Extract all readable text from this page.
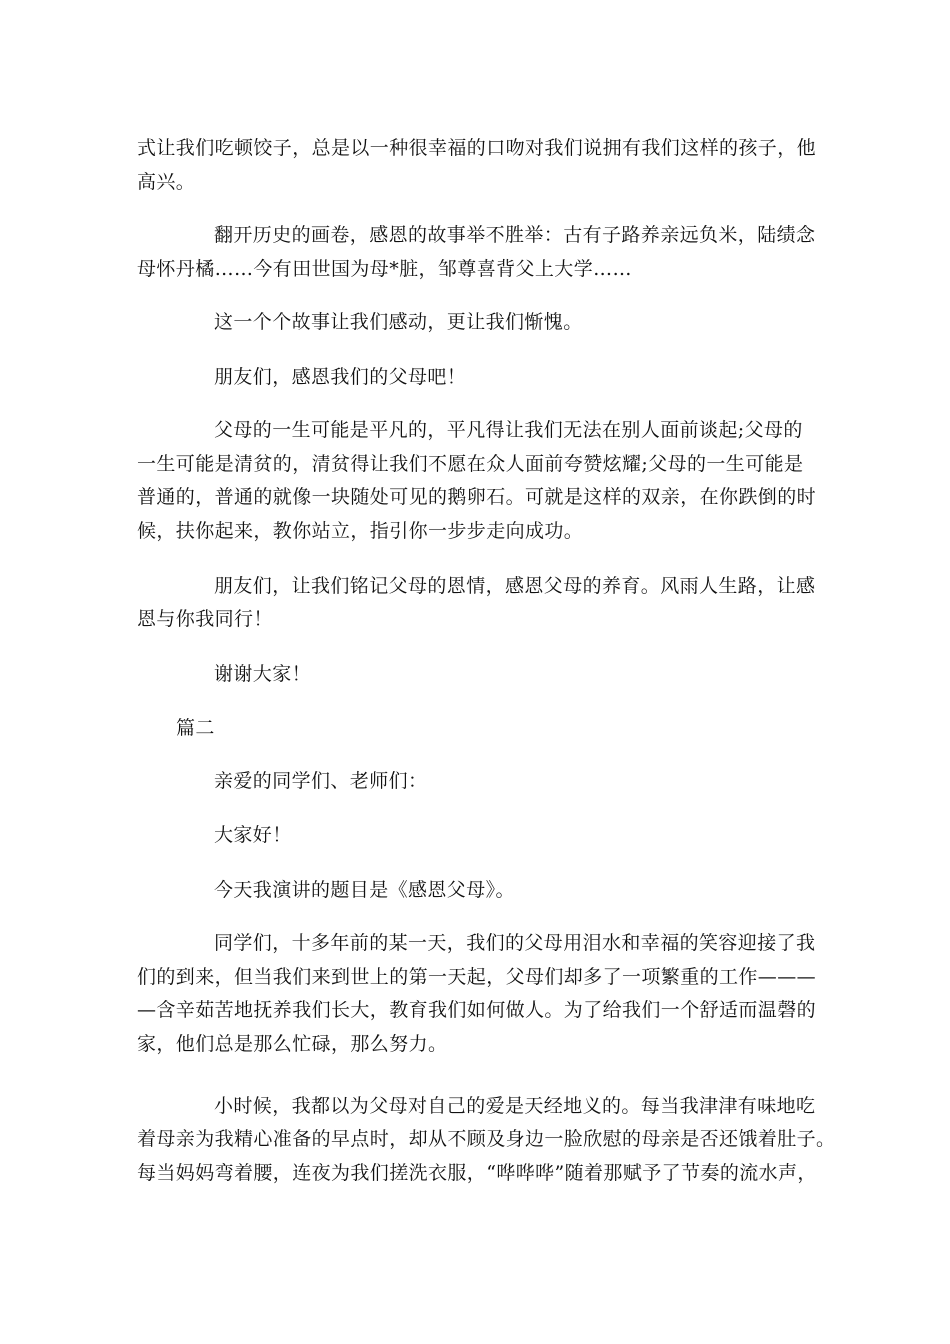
式让我们吃顿饺子，总是以一种很幸福的口吻对我们说拥有我们这样的孩子，他
高兴。
翻开历史的画卷，感恩的故事举不胜举：古有子路养亲远负米，陆绩念
母怀丹橘……今有田世国为母*脏，邹尊喜背父上大学……
这一个个故事让我们感动，更让我们惭愧。
朋友们，感恩我们的父母吧！
父母的一生可能是平凡的，平凡得让我们无法在别人面前谈起;父母的
一生可能是清贫的，清贫得让我们不愿在众人面前夸赞炫耀;父母的一生可能是
普通的，普通的就像一块随处可见的鹅卵石。可就是这样的双亲，在你跌倒的时
候，扶你起来，教你站立，指引你一步步走向成功。
朋友们，让我们铭记父母的恩情，感恩父母的养育。风雨人生路，让感
恩与你我同行！
谢谢大家！
篇二
亲爱的同学们、老师们：
大家好！
今天我演讲的题目是《感恩父母》。
同学们，十多年前的某一天，我们的父母用泪水和幸福的笑容迎接了我
们的到来，但当我们来到世上的第一天起，父母们却多了一项繁重的工作———
—含辛茹苦地抚养我们长大，教育我们如何做人。为了给我们一个舒适而温磬的
家，他们总是那么忙碌，那么努力。
小时候，我都以为父母对自己的爱是天经地义的。每当我津津有味地吃
着母亲为我精心准备的早点时，却从不顾及身边一脸欣慰的母亲是否还饿着肚子。
每当妈妈弯着腰，连夜为我们搓洗衣服，“哗哗哗”随着那赋予了节奏的流水声，
